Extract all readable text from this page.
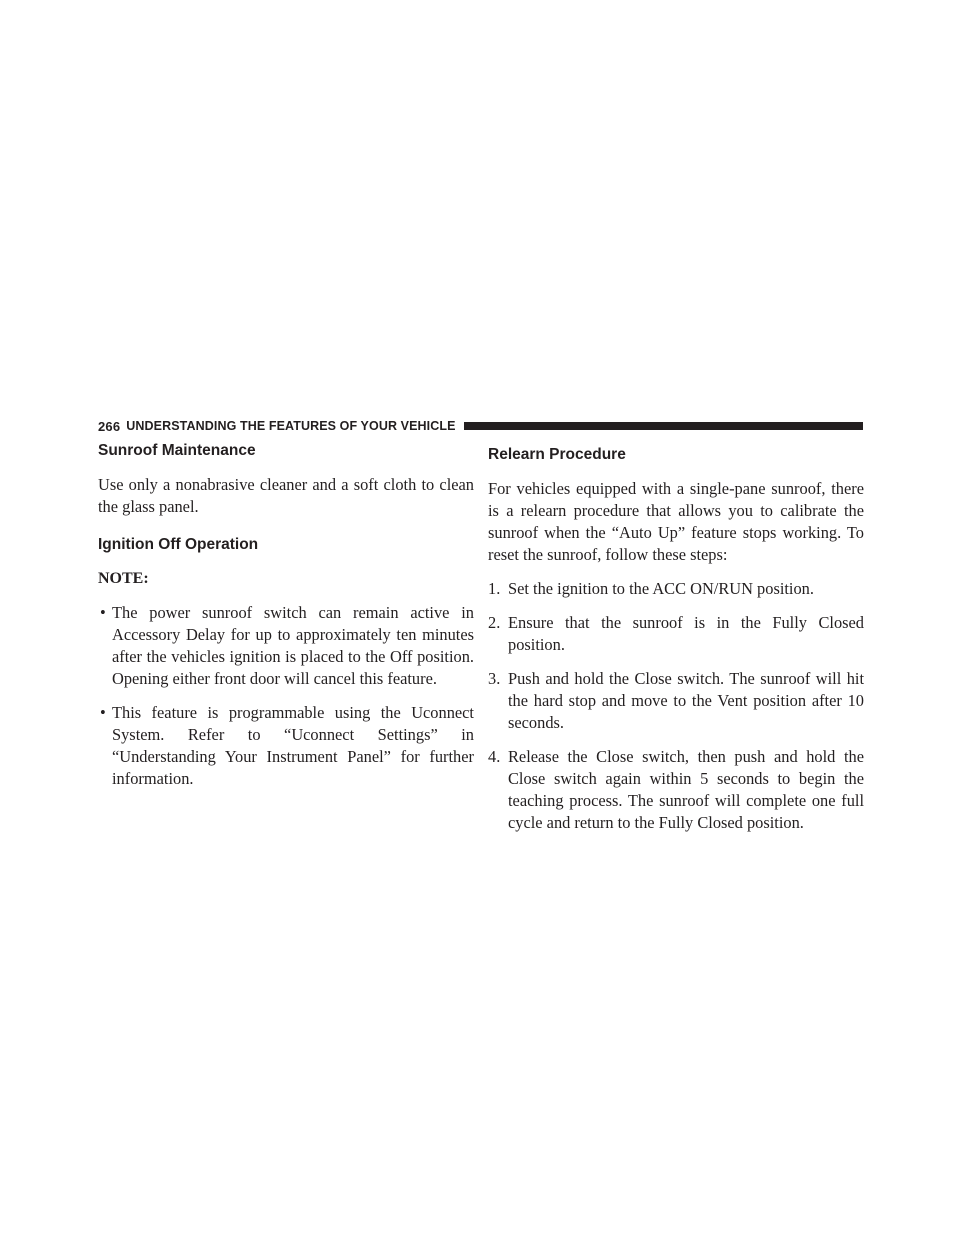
266 UNDERSTANDING THE FEATURES OF YOUR VEHICLE
Sunroof Maintenance

Use only a nonabrasive cleaner and a soft cloth to clean the glass panel.

Ignition Off Operation
NOTE:
• The power sunroof switch can remain active in Accessory Delay for up to approximately ten minutes after the vehicles ignition is placed to the Off position. Opening either front door will cancel this feature.
• This feature is programmable using the Uconnect System. Refer to “Uconnect Settings” in “Understanding Your Instrument Panel” for further information.
Relearn Procedure

For vehicles equipped with a single-pane sunroof, there is a relearn procedure that allows you to calibrate the sunroof when the “Auto Up” feature stops working. To reset the sunroof, follow these steps:

1. Set the ignition to the ACC ON/RUN position.
2. Ensure that the sunroof is in the Fully Closed position.
3. Push and hold the Close switch. The sunroof will hit the hard stop and move to the Vent position after 10 seconds.
4. Release the Close switch, then push and hold the Close switch again within 5 seconds to begin the teaching process. The sunroof will complete one full cycle and return to the Fully Closed position.
